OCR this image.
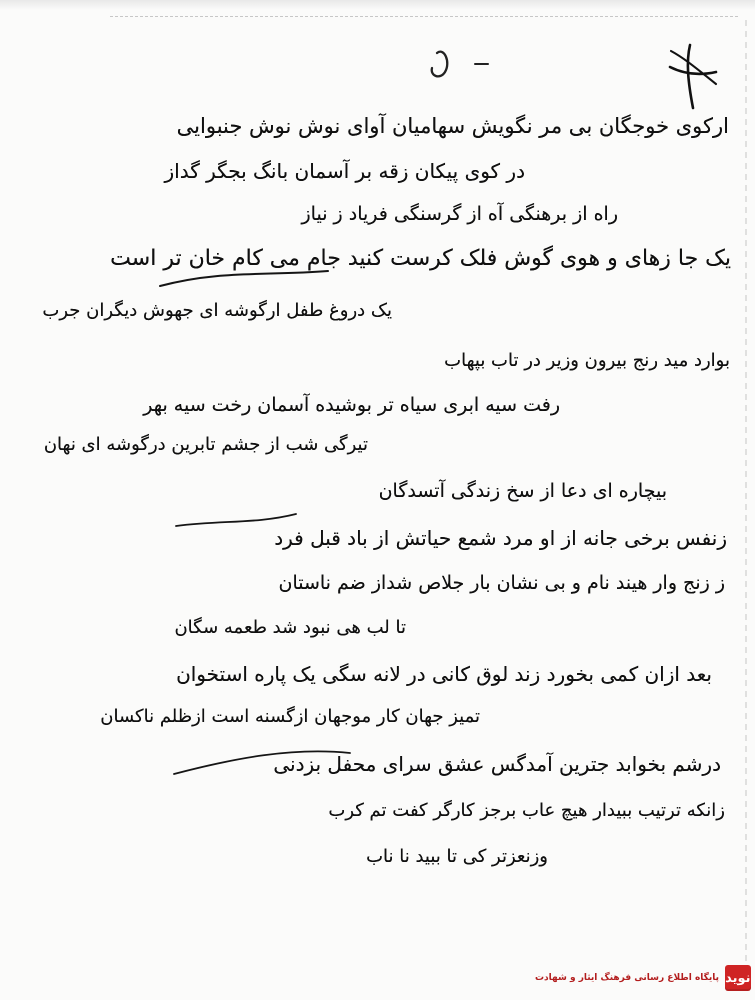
ارکوی خوجگان بی مر نگویش سهامیان آوای نوش نوش جنبوایی
در کوی پیکان زقه بر آسمان بانگ بجگر گداز
راه از برهنگی آه از گرسنگی فریاد ز نیاز
یک جا زهای و هوی گوش فلک کرست کنید جام می کام خان تر است
یک دروغ طفل ارگوشه ای جهوش دیگران جرب
بوارد مید رنج بیرون وزیر در تاب بپهاب
رفت سیه ابری سیاه تر بوشیده آسمان رخت سیه بهر
تیرگی شب از جشم تابرین درگوشه ای نهان
بیچاره ای دعا از سخ زندگی آتسدگان
زنفس برخی جانه از او مرد شمع حیاتش از باد قبل فرد
ز زنج وار هیند نام و بی نشان بار جلاص شداز ضم ناستان
تا لب هی نبود شد طعمه سگان
بعد ازان کمی بخورد زند لوق کانی در لانه سگی یک پاره استخوان
تمیز جهان کار موجهان ازگسنه است ازظلم ناکسان
درشم بخوابد جترین آمدگس عشق سرای محفل بزدنی
زانکه ترتیب ببیدار هیچ عاب برجز کارگر کفت تم کرب
وزنعزتر کی تا ببید نا ناب
نوید
پایگاه اطلاع رسانی فرهنگ ایثار و شهادت
